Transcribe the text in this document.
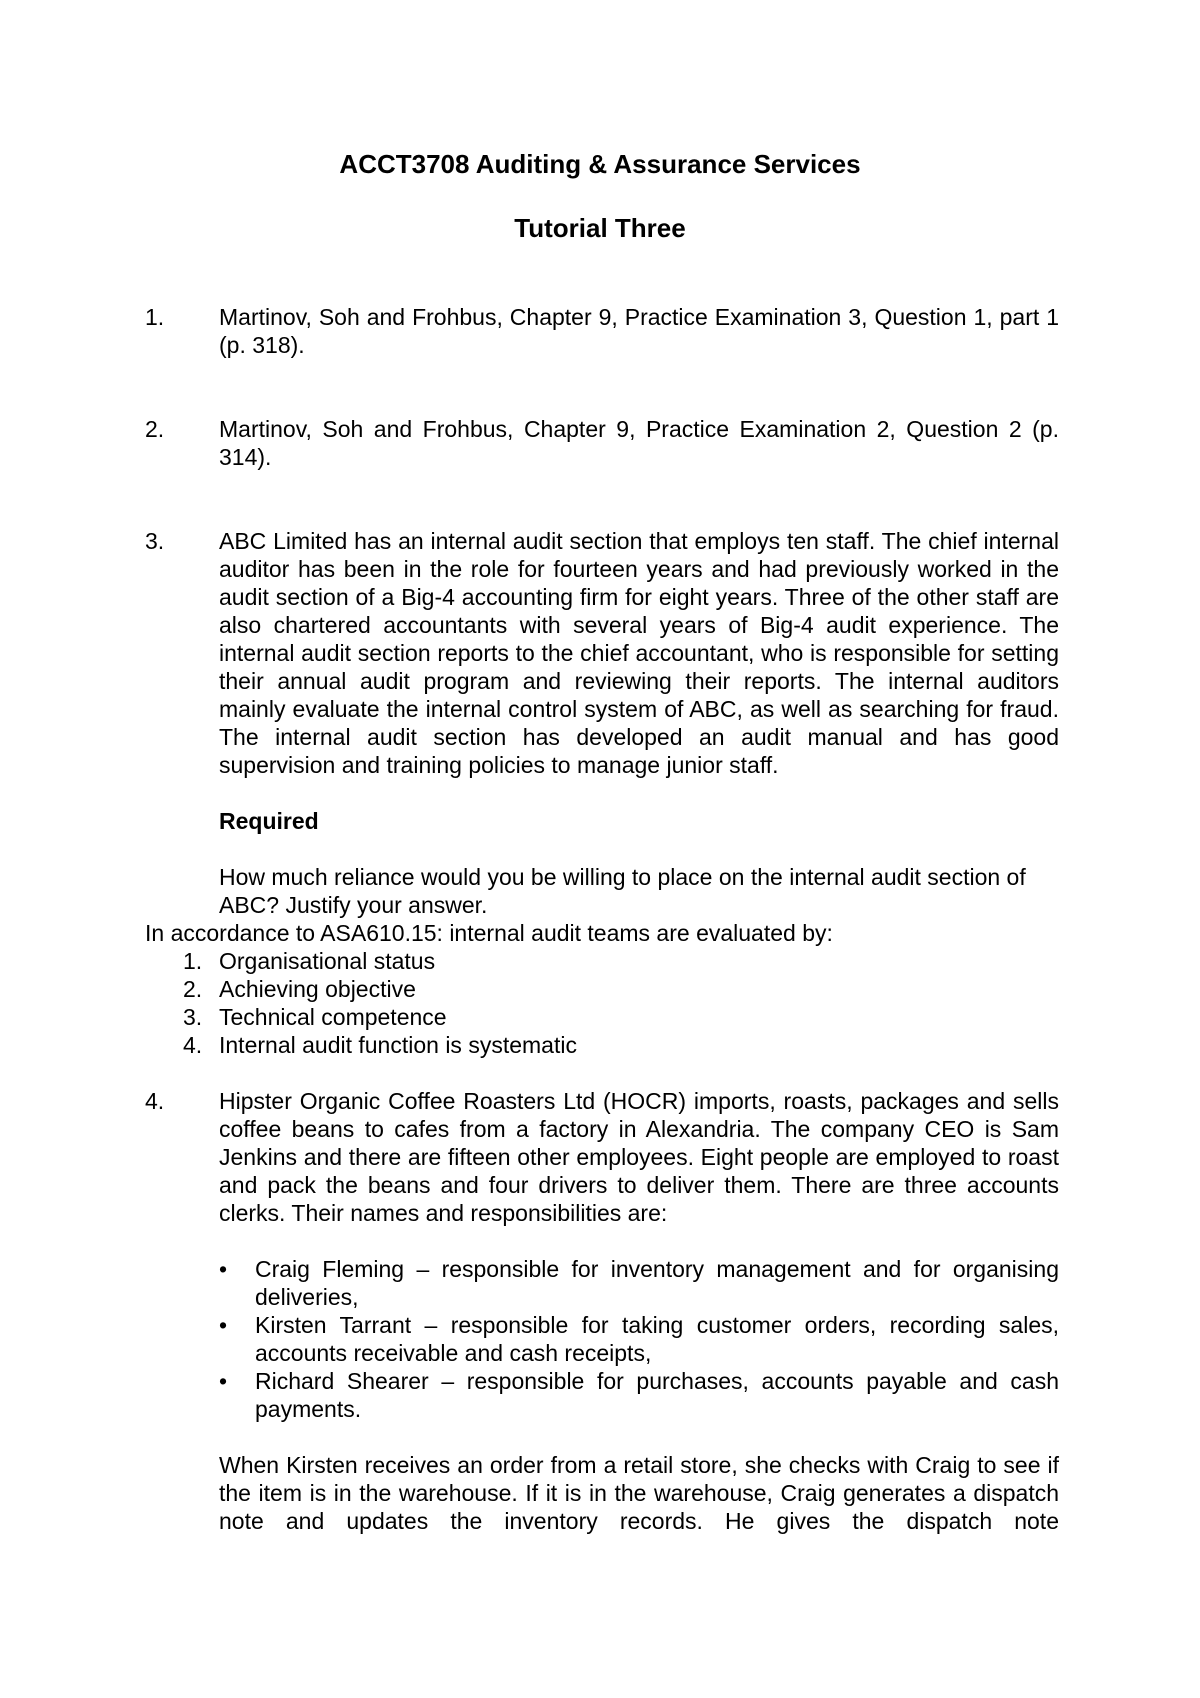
ACCT3708 Auditing & Assurance Services
Tutorial Three
1.	Martinov, Soh and Frohbus, Chapter 9, Practice Examination 3, Question 1, part 1 (p. 318).
2.	Martinov, Soh and Frohbus, Chapter 9, Practice Examination 2, Question 2 (p. 314).
3.	ABC Limited has an internal audit section that employs ten staff. The chief internal auditor has been in the role for fourteen years and had previously worked in the audit section of a Big-4 accounting firm for eight years. Three of the other staff are also chartered accountants with several years of Big-4 audit experience. The internal audit section reports to the chief accountant, who is responsible for setting their annual audit program and reviewing their reports. The internal auditors mainly evaluate the internal control system of ABC, as well as searching for fraud. The internal audit section has developed an audit manual and has good supervision and training policies to manage junior staff.
Required
How much reliance would you be willing to place on the internal audit section of ABC? Justify your answer.
In accordance to ASA610.15: internal audit teams are evaluated by:
1. Organisational status
2. Achieving objective
3. Technical competence
4. Internal audit function is systematic
4.	Hipster Organic Coffee Roasters Ltd (HOCR) imports, roasts, packages and sells coffee beans to cafes from a factory in Alexandria. The company CEO is Sam Jenkins and there are fifteen other employees. Eight people are employed to roast and pack the beans and four drivers to deliver them. There are three accounts clerks. Their names and responsibilities are:
•	Craig Fleming – responsible for inventory management and for organising deliveries,
•	Kirsten Tarrant – responsible for taking customer orders, recording sales, accounts receivable and cash receipts,
•	Richard Shearer – responsible for purchases, accounts payable and cash payments.
When Kirsten receives an order from a retail store, she checks with Craig to see if the item is in the warehouse. If it is in the warehouse, Craig generates a dispatch note and updates the inventory records. He gives the dispatch note
